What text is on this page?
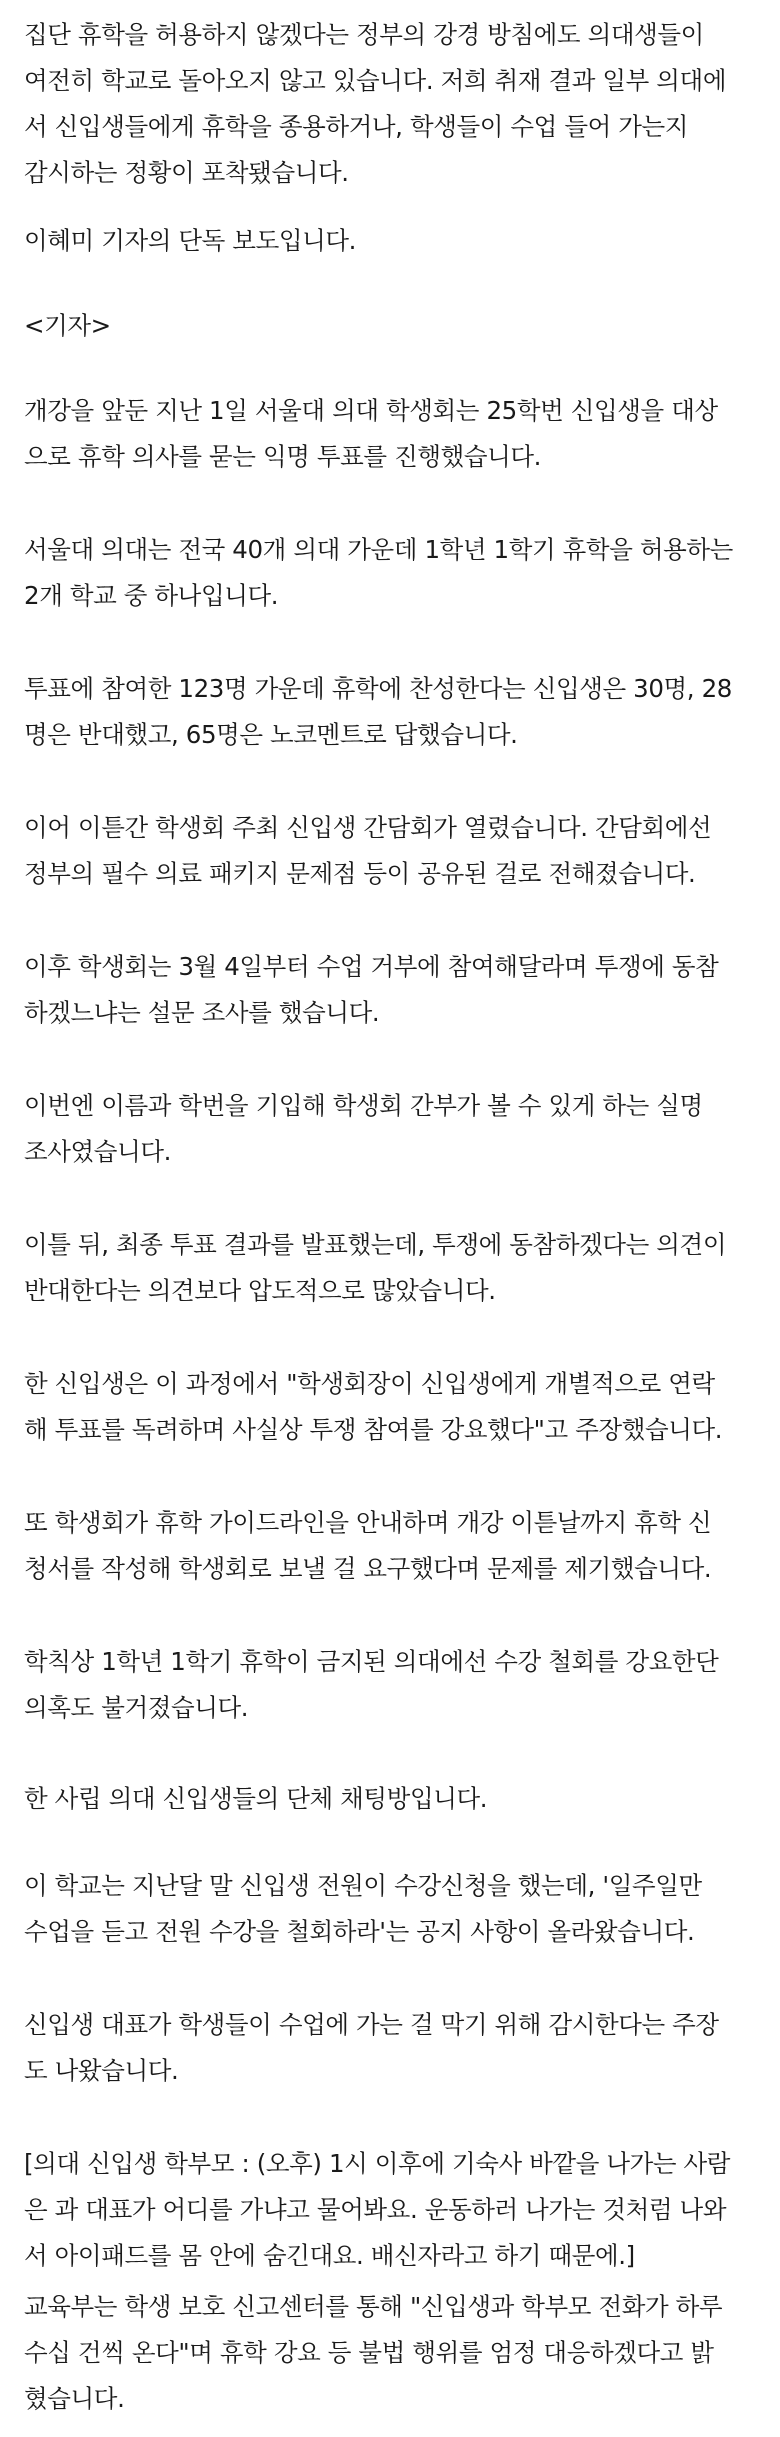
집단 휴학을 허용하지 않겠다는 정부의 강경 방침에도 의대생들이
여전히 학교로 돌아오지 않고 있습니다. 저희 취재 결과 일부 의대에
서 신입생들에게 휴학을 종용하거나, 학생들이 수업 들어 가는지
감시하는 정황이 포착됐습니다.

이혜미 기자의 단독 보도입니다.

<기자>

개강을 앞둔 지난 1일 서울대 의대 학생회는 25학번 신입생을 대상
으로 휴학 의사를 묻는 익명 투표를 진행했습니다.

서울대 의대는 전국 40개 의대 가운데 1학년 1학기 휴학을 허용하는
2개 학교 중 하나입니다.

투표에 참여한 123명 가운데 휴학에 찬성한다는 신입생은 30명, 28
명은 반대했고, 65명은 노코멘트로 답했습니다.

이어 이튿간 학생회 주최 신입생 간담회가 열렸습니다. 간담회에선
정부의 필수 의료 패키지 문제점 등이 공유된 걸로 전해졌습니다.

이후 학생회는 3월 4일부터 수업 거부에 참여해달라며 투쟁에 동참
하겠느냐는 설문 조사를 했습니다.

이번엔 이름과 학번을 기입해 학생회 간부가 볼 수 있게 하는 실명
조사였습니다.

이틀 뒤, 최종 투표 결과를 발표했는데, 투쟁에 동참하겠다는 의견이
반대한다는 의견보다 압도적으로 많았습니다.

한 신입생은 이 과정에서 "학생회장이 신입생에게 개별적으로 연락
해 투표를 독려하며 사실상 투쟁 참여를 강요했다"고 주장했습니다.

또 학생회가 휴학 가이드라인을 안내하며 개강 이튿날까지 휴학 신
청서를 작성해 학생회로 보낼 걸 요구했다며 문제를 제기했습니다.

학칙상 1학년 1학기 휴학이 금지된 의대에선 수강 철회를 강요한단
의혹도 불거졌습니다.

한 사립 의대 신입생들의 단체 채팅방입니다.

이 학교는 지난달 말 신입생 전원이 수강신청을 했는데, '일주일만
수업을 듣고 전원 수강을 철회하라'는 공지 사항이 올라왔습니다.

신입생 대표가 학생들이 수업에 가는 걸 막기 위해 감시한다는 주장
도 나왔습니다.

[의대 신입생 학부모 : (오후) 1시 이후에 기숙사 바깥을 나가는 사람
은 과 대표가 어디를 가냐고 물어봐요. 운동하러 나가는 것처럼 나와
서 아이패드를 몸 안에 숨긴대요. 배신자라고 하기 때문에.]

교육부는 학생 보호 신고센터를 통해 "신입생과 학부모 전화가 하루
수십 건씩 온다"며 휴학 강요 등 불법 행위를 엄정 대응하겠다고 밝
혔습니다.
